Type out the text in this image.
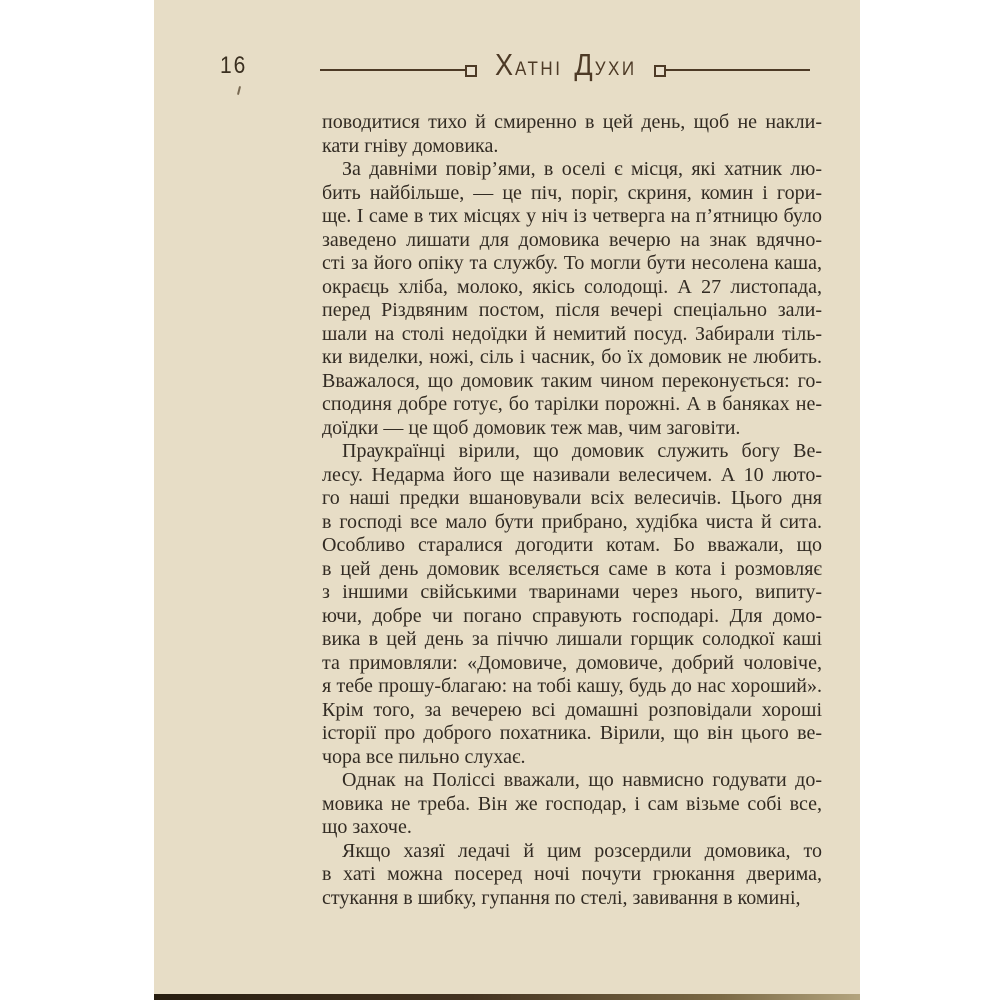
16	ХАТНІ ДУХИ

поводитися тихо й смиренно в цей день, щоб не накли-
кати гніву домовика.

За давніми повір’ями, в оселі є місця, які хатник лю-
бить найбільше, — це піч, поріг, скриня, комин і гори-
ще. І саме в тих місцях у ніч із четверга на п’ятницю було
заведено лишати для домовика вечерю на знак вдячно-
сті за його опіку та службу. То могли бути несолена каша,
окраєць хліба, молоко, якісь солодощі. А 27 листопада,
перед Різдвяним постом, після вечері спеціально зали-
шали на столі недоїдки й немитий посуд. Забирали тіль-
ки виделки, ножі, сіль і часник, бо їх домовик не любить.
Вважалося, що домовик таким чином переконується: го-
сподиня добре готує, бо тарілки порожні. А в баняках не-
доїдки — це щоб домовик теж мав, чим заговіти.

Праукраїнці вірили, що домовик служить богу Ве-
лесу. Недарма його ще називали велесичем. А 10 люто-
го наші предки вшановували всіх велесичів. Цього дня
в господі все мало бути прибрано, худібка чиста й сита.
Особливо старалися догодити котам. Бо вважали, що
в цей день домовик вселяється саме в кота і розмовляє
з іншими свійськими тваринами через нього, випиту-
ючи, добре чи погано справують господарі. Для домо-
вика в цей день за піччю лишали горщик солодкої каші
та примовляли: «Домовиче, домовиче, добрий чоловіче,
я тебе прошу-благаю: на тобі кашу, будь до нас хороший».
Крім того, за вечерею всі домашні розповідали хороші
історії про доброго похатника. Вірили, що він цього ве-
чора все пильно слухає.

Однак на Поліссі вважали, що навмисно годувати до-
мовика не треба. Він же господар, і сам візьме собі все,
що захоче.

Якщо хазяї ледачі й цим розсердили домовика, то
в хаті можна посеред ночі почути грюкання дверима,
стукання в шибку, гупання по стелі, завивання в комині,
